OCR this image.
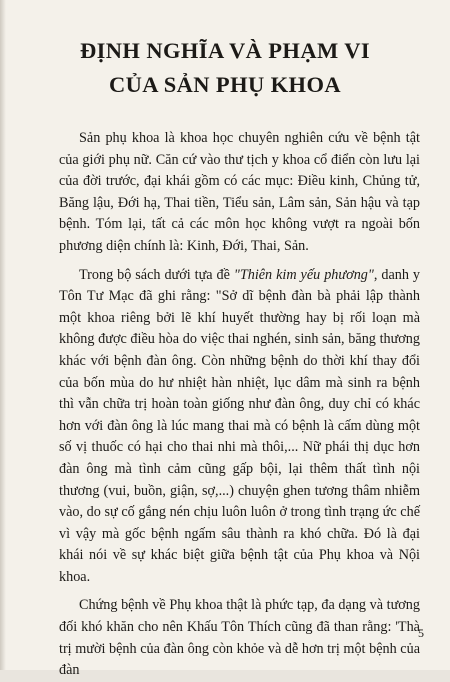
ĐỊNH NGHĨA VÀ PHẠM VI
CỦA SẢN PHỤ KHOA

Sản phụ khoa là khoa học chuyên nghiên cứu về bệnh tật của giới phụ nữ. Căn cứ vào thư tịch y khoa cổ điển còn lưu lại của đời trước, đại khái gồm có các mục: Điều kinh, Chủng tử, Băng lậu, Đới hạ, Thai tiền, Tiểu sản, Lâm sản, Sản hậu và tạp bệnh. Tóm lại, tất cả các môn học không vượt ra ngoài bốn phương diện chính là: Kinh, Đới, Thai, Sản.

Trong bộ sách dưới tựa đề "Thiên kim yếu phương", danh y Tôn Tư Mạc đã ghi rằng: "Sở dĩ bệnh đàn bà phải lập thành một khoa riêng bởi lẽ khí huyết thường hay bị rối loạn mà không được điều hòa do việc thai nghén, sinh sản, băng thương khác với bệnh đàn ông. Còn những bệnh do thời khí thay đổi của bốn mùa do hư nhiệt hàn nhiệt, lục dâm mà sinh ra bệnh thì vẫn chữa trị hoàn toàn giống như đàn ông, duy chỉ có khác hơn với đàn ông là lúc mang thai mà có bệnh là cấm dùng một số vị thuốc có hại cho thai nhi mà thôi,... Nữ phái thị dục hơn đàn ông mà tình cảm cũng gấp bội, lại thêm thất tình nội thương (vui, buồn, giận, sợ,...) chuyện ghen tương thâm nhiễm vào, do sự cố gắng nén chịu luôn luôn ở trong tình trạng ức chế vì vậy mà gốc bệnh ngấm sâu thành ra khó chữa. Đó là đại khái nói về sự khác biệt giữa bệnh tật của Phụ khoa và Nội khoa.

Chứng bệnh về Phụ khoa thật là phức tạp, đa dạng và tương đối khó khăn cho nên Khấu Tôn Thích cũng đã than rằng: 'Thà trị mười bệnh của đàn ông còn khỏe và dễ hơn trị một bệnh của đàn

5
